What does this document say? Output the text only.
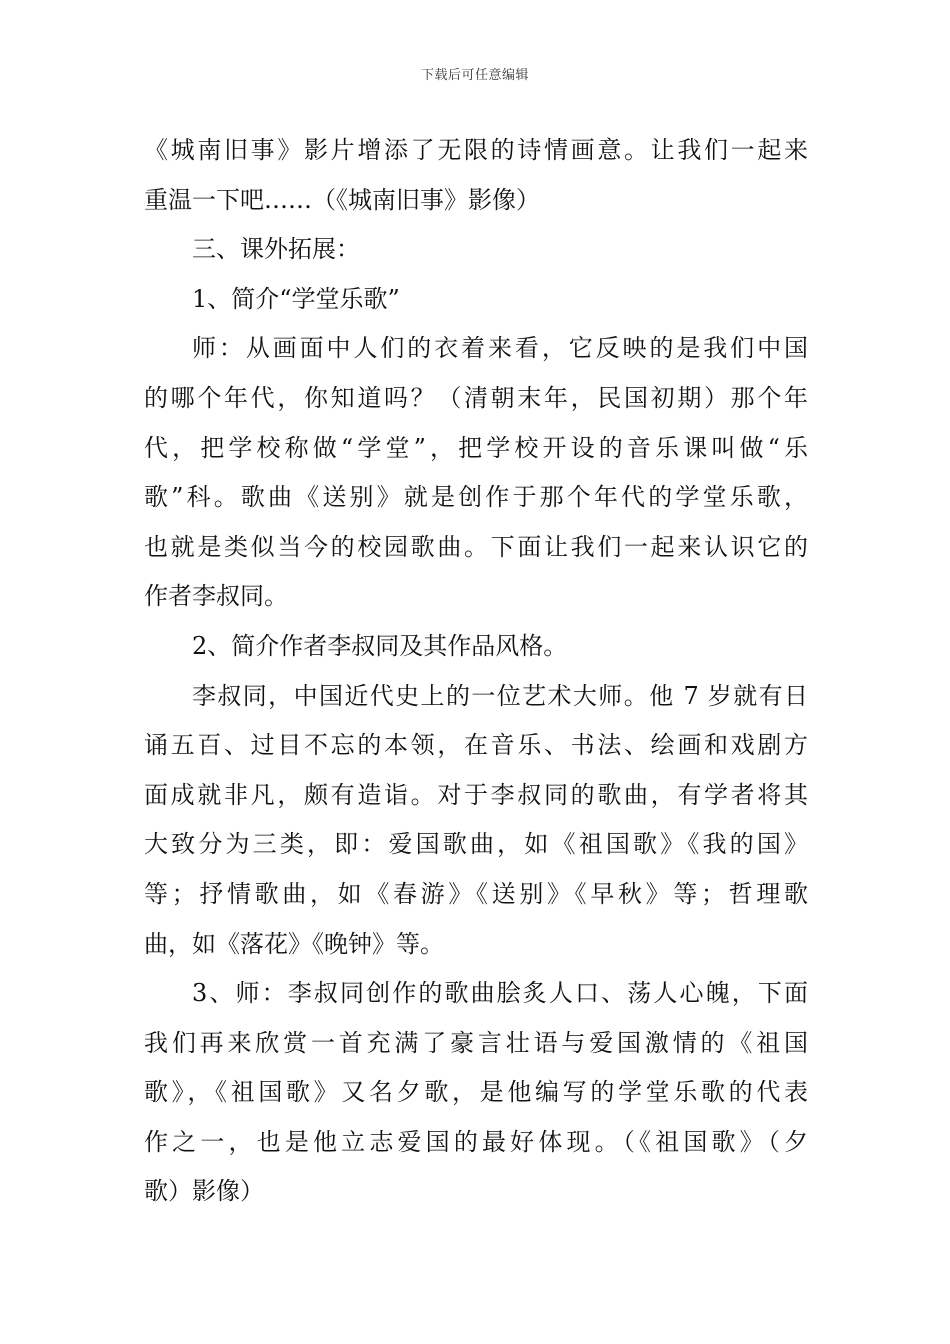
下载后可任意编辑
《城南旧事》影片增添了无限的诗情画意。让我们一起来
重温一下吧……（《城南旧事》影像）
三、课外拓展：
1、简介“学堂乐歌”
师：从画面中人们的衣着来看，它反映的是我们中国
的哪个年代，你知道吗？（清朝末年，民国初期）那个年
代，把学校称做“学堂”，把学校开设的音乐课叫做“乐
歌”科。歌曲《送别》就是创作于那个年代的学堂乐歌，
也就是类似当今的校园歌曲。下面让我们一起来认识它的
作者李叔同。
2、简介作者李叔同及其作品风格。
李叔同，中国近代史上的一位艺术大师。他 7 岁就有日
诵五百、过目不忘的本领，在音乐、书法、绘画和戏剧方
面成就非凡，颇有造诣。对于李叔同的歌曲，有学者将其
大致分为三类，即：爱国歌曲，如《祖国歌》《我的国》
等；抒情歌曲，如《春游》《送别》《早秋》等；哲理歌
曲，如《落花》《晚钟》等。
3、师：李叔同创作的歌曲脍炙人口、荡人心魄，下面
我们再来欣赏一首充满了豪言壮语与爱国激情的《祖国
歌》，《祖国歌》又名夕歌，是他编写的学堂乐歌的代表
作之一，也是他立志爱国的最好体现。（《祖国歌》（夕
歌）影像）
